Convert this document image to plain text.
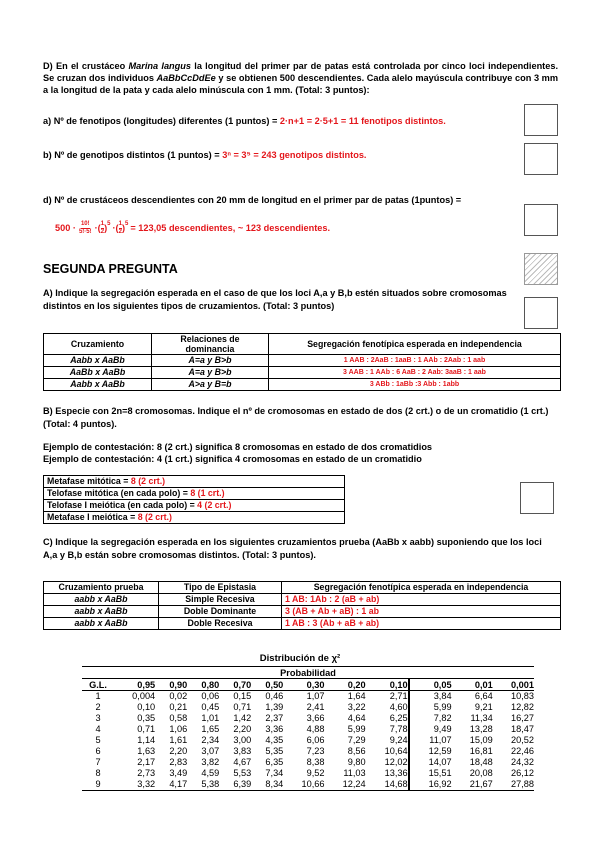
D) En el crustáceo Marina langus la longitud del primer par de patas está controlada por cinco loci independientes. Se cruzan dos individuos AaBbCcDdEe y se obtienen 500 descendientes. Cada alelo mayúscula contribuye con 3 mm a la longitud de la pata y cada alelo minúscula con 1 mm. (Total: 3 puntos):
a) Nº de fenotipos (longitudes) diferentes (1 puntos) = 2·n+1 = 2·5+1 = 11 fenotipos distintos.
b) Nº de genotipos distintos (1 puntos) = 3ⁿ = 3⁵ = 243 genotipos distintos.
d) Nº de crustáceos descendientes con 20 mm de longitud en el primer par de patas (1puntos) =
500 · 10!
5!·5! ·( 1
2 )$^5$ ·( 1
2 )$^5$ = 123,05 descendientes, ~ 123 descendientes.
SEGUNDA PREGUNTA
A) Indique la segregación esperada en el caso de que los loci A,a y B,b estén situados sobre cromosomas distintos en los siguientes tipos de cruzamientos. (Total: 3 puntos)
Cruzamiento	Relaciones de dominancia	Segregación fenotípica esperada en independencia
Aabb x AaBb	A=a y B>b	1 AAB : 2AaB : 1aaB : 1 AAb : 2Aab : 1 aab
AaBb x AaBb	A=a y B>b	3 AAB : 1 AAb : 6 AaB : 2 Aab: 3aaB : 1 aab
Aabb x AaBb	A>a y B=b	3 ABb : 1aBb :3 Abb : 1abb
B) Especie con 2n=8 cromosomas. Indique el nº de cromosomas en estado de dos (2 crt.) o de un cromatidio (1 crt.) (Total: 4 puntos).
Ejemplo de contestación: 8 (2 crt.) significa 8 cromosomas en estado de dos cromatidios
Ejemplo de contestación: 4 (1 crt.) significa 4 cromosomas en estado de un cromatidio
Metafase mitótica = 8 (2 crt.)
Telofase mitótica (en cada polo) = 8 (1 crt.)
Telofase I meiótica (en cada polo) = 4 (2 crt.)
Metafase I meiótica = 8 (2 crt.)
C) Indique la segregación esperada en los siguientes cruzamientos prueba (AaBb x aabb) suponiendo que los loci A,a y B,b están sobre cromosomas distintos. (Total: 3 puntos).
Cruzamiento prueba	Tipo de Epistasia	Segregación fenotípica esperada en independencia
aabb x AaBb	Simple Recesiva	1 AB: 1Ab : 2 (aB + ab)
aabb x AaBb	Doble Dominante	3 (AB + Ab + aB) : 1 ab
aabb x AaBb	Doble Recesiva	1 AB : 3 (Ab + aB + ab)
Distribución de χ²
Probabilidad											
G.L.	0,95	0,90	0,80	0,70	0,50	0,30	0,20	0,10	0,05	0,01	0,001
1	0,004	0,02	0,06	0,15	0,46	1,07	1,64	2,71	3,84	6,64	10,83
2	0,10	0,21	0,45	0,71	1,39	2,41	3,22	4,60	5,99	9,21	12,82
3	0,35	0,58	1,01	1,42	2,37	3,66	4,64	6,25	7,82	11,34	16,27
4	0,71	1,06	1,65	2,20	3,36	4,88	5,99	7,78	9,49	13,28	18,47
5	1,14	1,61	2,34	3,00	4,35	6,06	7,29	9,24	11,07	15,09	20,52
6	1,63	2,20	3,07	3,83	5,35	7,23	8,56	10,64	12,59	16,81	22,46
7	2,17	2,83	3,82	4,67	6,35	8,38	9,80	12,02	14,07	18,48	24,32
8	2,73	3,49	4,59	5,53	7,34	9,52	11,03	13,36	15,51	20,08	26,12
9	3,32	4,17	5,38	6,39	8,34	10,66	12,24	14,68	16,92	21,67	27,88
